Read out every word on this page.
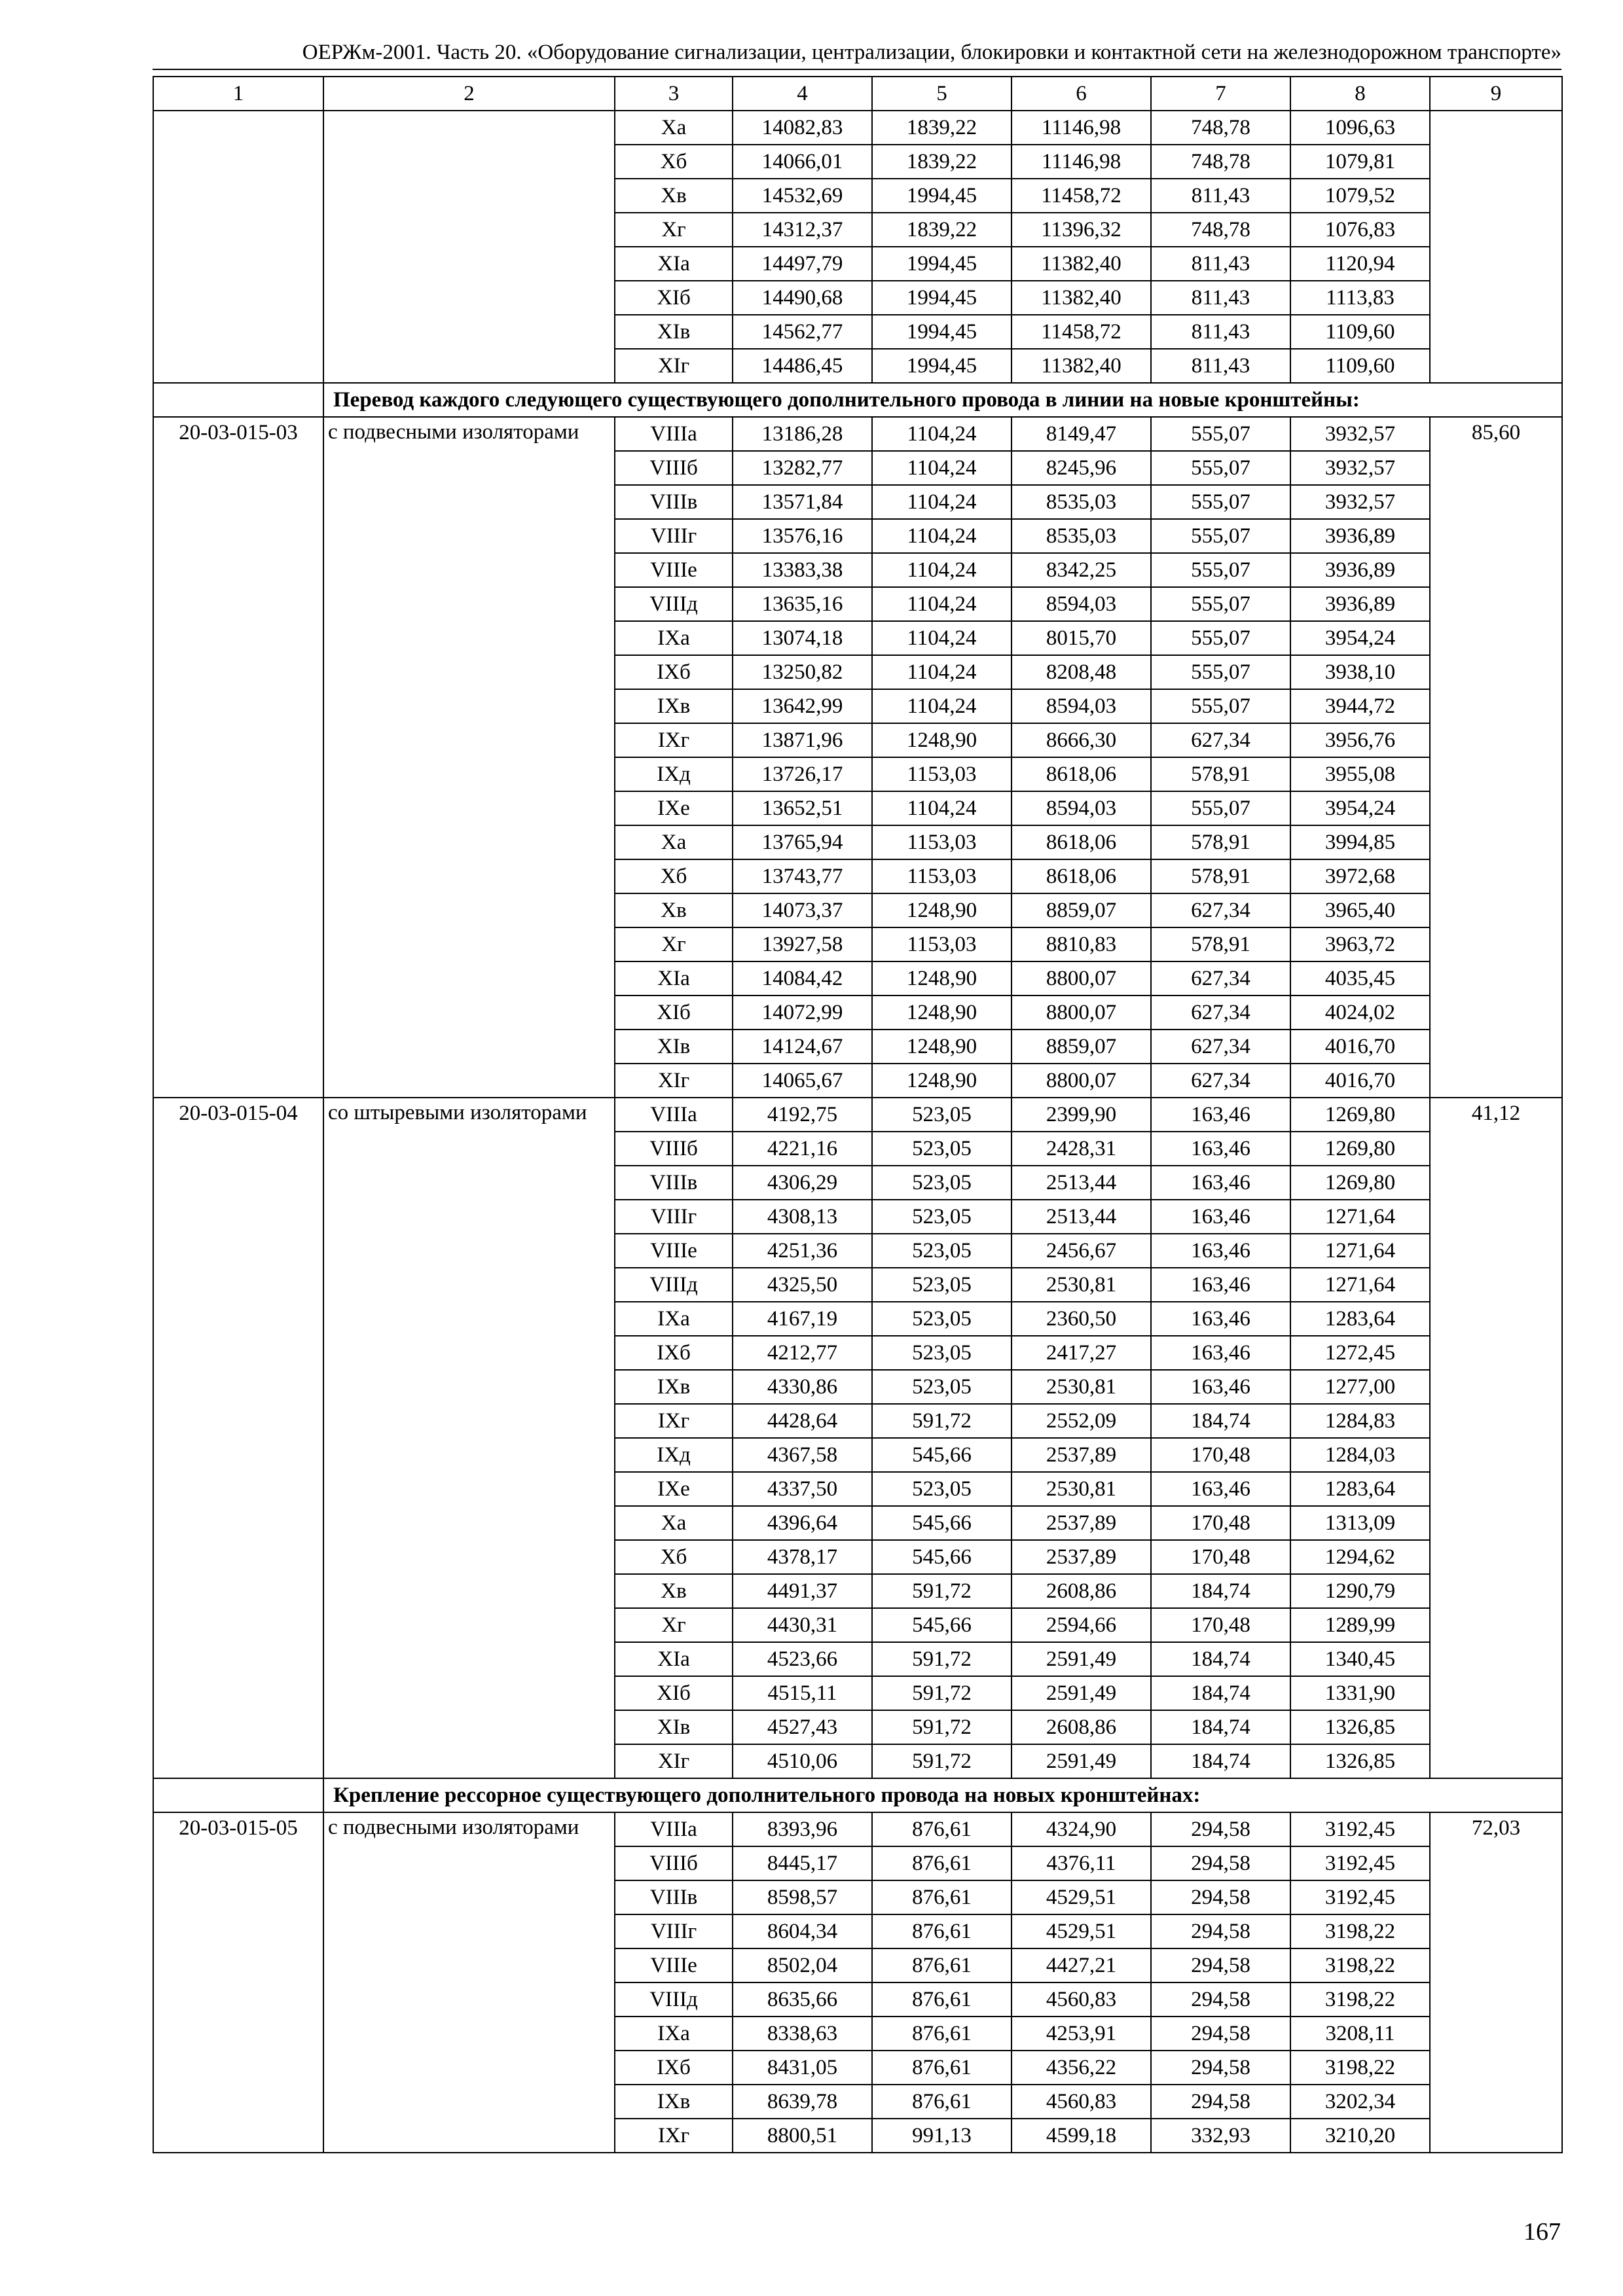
ОЕРЖм-2001. Часть 20. «Оборудование сигнализации, централизации, блокировки и контактной сети на железнодорожном транспорте»
1	2	3	4	5	6	7	8	9
		Xа	14082,83	1839,22	11146,98	748,78	1096,63	
		Xб	14066,01	1839,22	11146,98	748,78	1079,81	
		Xв	14532,69	1994,45	11458,72	811,43	1079,52	
		Xг	14312,37	1839,22	11396,32	748,78	1076,83	
		XIа	14497,79	1994,45	11382,40	811,43	1120,94	
		XIб	14490,68	1994,45	11382,40	811,43	1113,83	
		XIв	14562,77	1994,45	11458,72	811,43	1109,60	
		XIг	14486,45	1994,45	11382,40	811,43	1109,60	
	Перевод каждого следующего существующего дополнительного провода в линии на новые кронштейны:							
20-03-015-03	с подвесными изоляторами	VIIIа	13186,28	1104,24	8149,47	555,07	3932,57	85,60
		VIIIб	13282,77	1104,24	8245,96	555,07	3932,57	
		VIIIв	13571,84	1104,24	8535,03	555,07	3932,57	
		VIIIг	13576,16	1104,24	8535,03	555,07	3936,89	
		VIIIе	13383,38	1104,24	8342,25	555,07	3936,89	
		VIIIд	13635,16	1104,24	8594,03	555,07	3936,89	
		IXа	13074,18	1104,24	8015,70	555,07	3954,24	
		IXб	13250,82	1104,24	8208,48	555,07	3938,10	
		IXв	13642,99	1104,24	8594,03	555,07	3944,72	
		IXг	13871,96	1248,90	8666,30	627,34	3956,76	
		IXд	13726,17	1153,03	8618,06	578,91	3955,08	
		IXе	13652,51	1104,24	8594,03	555,07	3954,24	
		Xа	13765,94	1153,03	8618,06	578,91	3994,85	
		Xб	13743,77	1153,03	8618,06	578,91	3972,68	
		Xв	14073,37	1248,90	8859,07	627,34	3965,40	
		Xг	13927,58	1153,03	8810,83	578,91	3963,72	
		XIа	14084,42	1248,90	8800,07	627,34	4035,45	
		XIб	14072,99	1248,90	8800,07	627,34	4024,02	
		XIв	14124,67	1248,90	8859,07	627,34	4016,70	
		XIг	14065,67	1248,90	8800,07	627,34	4016,70	
20-03-015-04	со штыревыми изоляторами	VIIIа	4192,75	523,05	2399,90	163,46	1269,80	41,12
		VIIIб	4221,16	523,05	2428,31	163,46	1269,80	
		VIIIв	4306,29	523,05	2513,44	163,46	1269,80	
		VIIIг	4308,13	523,05	2513,44	163,46	1271,64	
		VIIIе	4251,36	523,05	2456,67	163,46	1271,64	
		VIIIд	4325,50	523,05	2530,81	163,46	1271,64	
		IXа	4167,19	523,05	2360,50	163,46	1283,64	
		IXб	4212,77	523,05	2417,27	163,46	1272,45	
		IXв	4330,86	523,05	2530,81	163,46	1277,00	
		IXг	4428,64	591,72	2552,09	184,74	1284,83	
		IXд	4367,58	545,66	2537,89	170,48	1284,03	
		IXе	4337,50	523,05	2530,81	163,46	1283,64	
		Xа	4396,64	545,66	2537,89	170,48	1313,09	
		Xб	4378,17	545,66	2537,89	170,48	1294,62	
		Xв	4491,37	591,72	2608,86	184,74	1290,79	
		Xг	4430,31	545,66	2594,66	170,48	1289,99	
		XIа	4523,66	591,72	2591,49	184,74	1340,45	
		XIб	4515,11	591,72	2591,49	184,74	1331,90	
		XIв	4527,43	591,72	2608,86	184,74	1326,85	
		XIг	4510,06	591,72	2591,49	184,74	1326,85	
	Крепление рессорное существующего дополнительного провода на новых кронштейнах:							
20-03-015-05	с подвесными изоляторами	VIIIа	8393,96	876,61	4324,90	294,58	3192,45	72,03
		VIIIб	8445,17	876,61	4376,11	294,58	3192,45	
		VIIIв	8598,57	876,61	4529,51	294,58	3192,45	
		VIIIг	8604,34	876,61	4529,51	294,58	3198,22	
		VIIIе	8502,04	876,61	4427,21	294,58	3198,22	
		VIIIд	8635,66	876,61	4560,83	294,58	3198,22	
		IXа	8338,63	876,61	4253,91	294,58	3208,11	
		IXб	8431,05	876,61	4356,22	294,58	3198,22	
		IXв	8639,78	876,61	4560,83	294,58	3202,34	
		IXг	8800,51	991,13	4599,18	332,93	3210,20	
167
